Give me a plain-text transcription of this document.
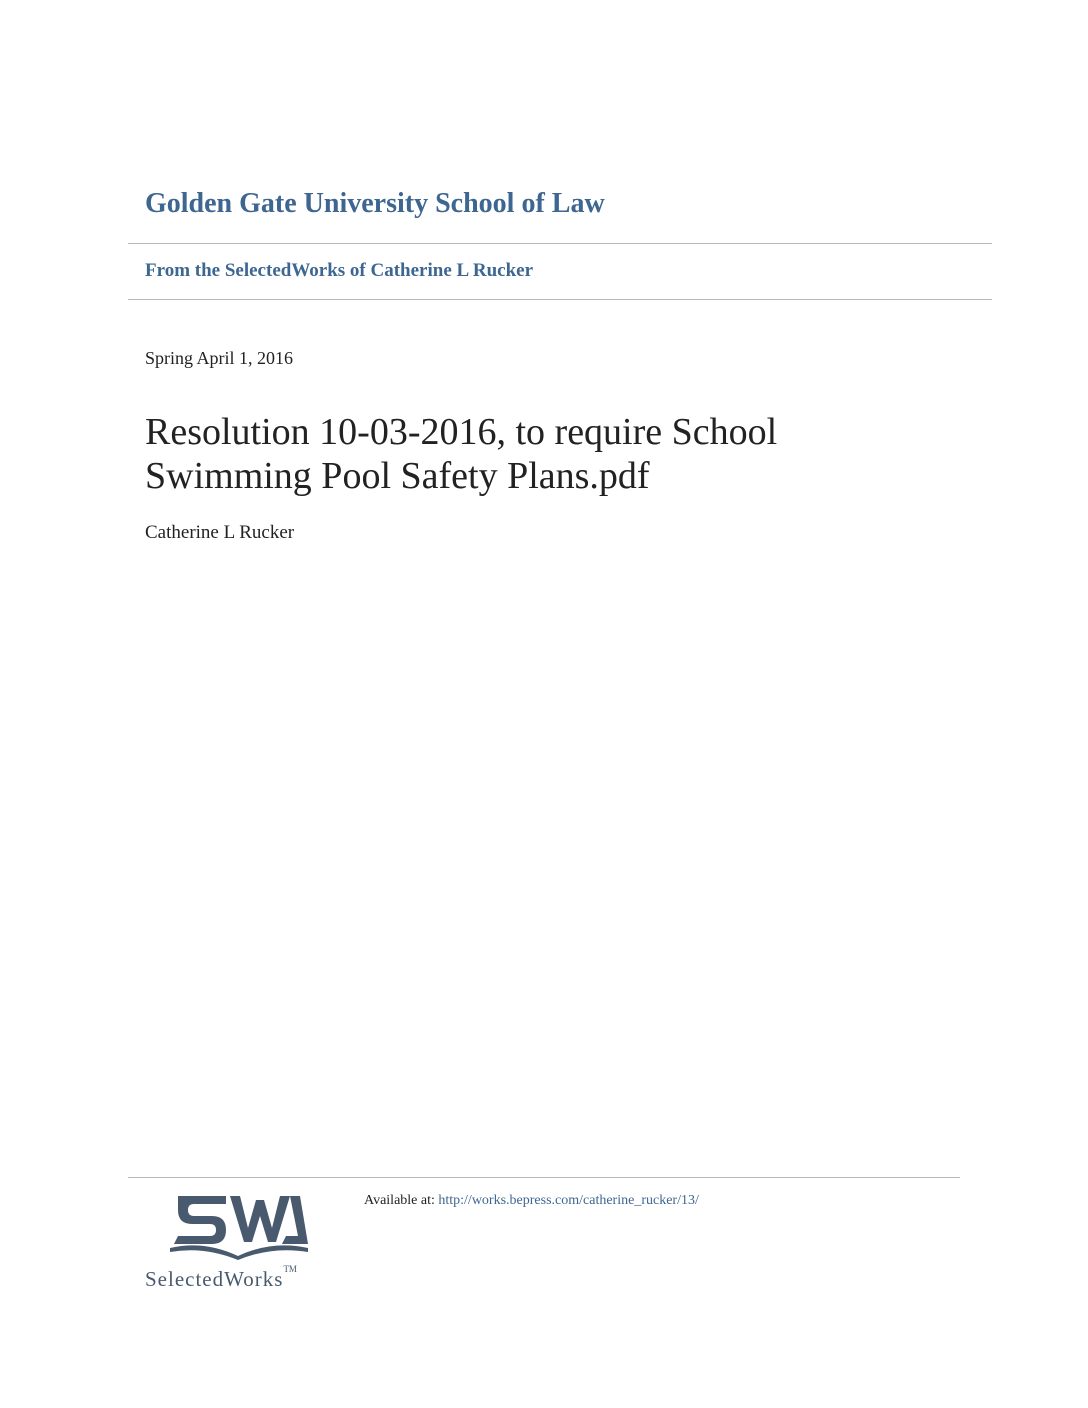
Golden Gate University School of Law
From the SelectedWorks of Catherine L Rucker
Spring April 1, 2016
Resolution 10-03-2016, to require School
Swimming Pool Safety Plans.pdf
Catherine L Rucker
SelectedWorks™
Available at: http://works.bepress.com/catherine_rucker/13/
